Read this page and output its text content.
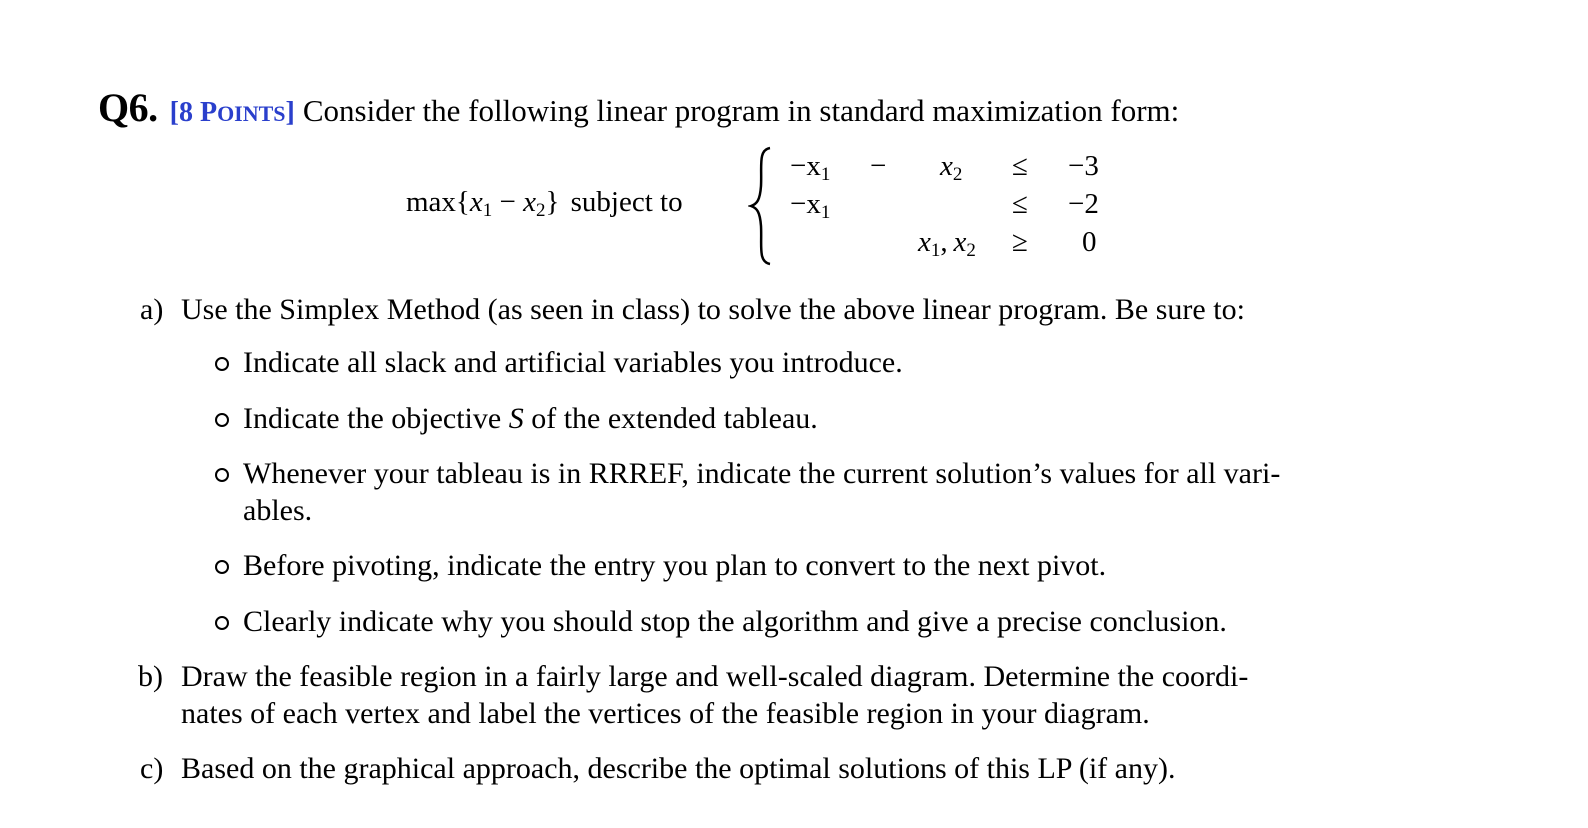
Q6. [8 POINTS] Consider the following linear program in standard maximization form:
max{x1 − x2} subject to
−x1 − x2 ≤ −3
−x1	≤ −2
x1,  x2 ≥ 0
a) Use the Simplex Method (as seen in class) to solve the above linear program. Be sure to:
Indicate all slack and artificial variables you introduce.
Indicate the objective S of the extended tableau.
Whenever your tableau is in RRREF, indicate the current solution’s values for all vari-
ables.
Before pivoting, indicate the entry you plan to convert to the next pivot.
Clearly indicate why you should stop the algorithm and give a precise conclusion.
b) Draw the feasible region in a fairly large and well-scaled diagram. Determine the coordi-
nates of each vertex and label the vertices of the feasible region in your diagram.
c) Based on the graphical approach, describe the optimal solutions of this LP (if any).
